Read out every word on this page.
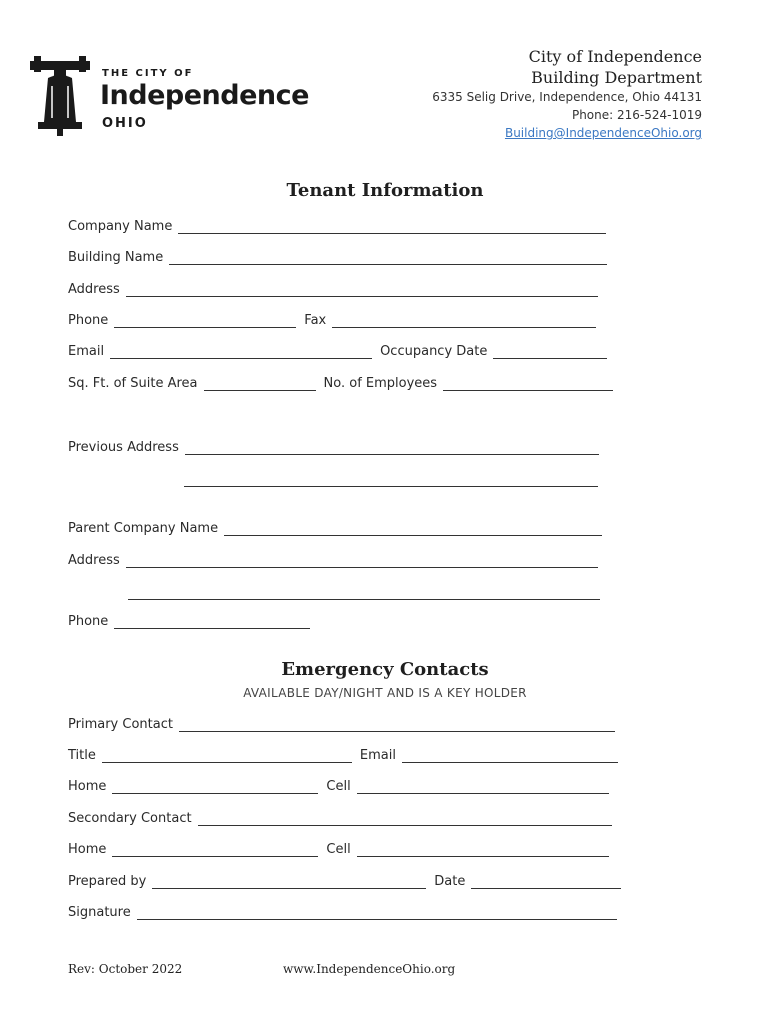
THE CITY OF
Independence
OHIO
City of Independence
Building Department
6335 Selig Drive, Independence, Ohio 44131
Phone: 216-524-1019
Building@IndependenceOhio.org
Tenant Information
Company Name
Building Name
Address
Phone	Fax
Email	Occupancy Date
Sq. Ft. of Suite Area	No. of Employees
Previous Address
Parent Company Name
Address
Phone
Emergency Contacts
AVAILABLE DAY/NIGHT AND IS A KEY HOLDER
Primary Contact
Title	Email
Home	Cell
Secondary Contact
Home	Cell
Prepared by	Date
Signature
Rev: October 2022	www.IndependenceOhio.org
